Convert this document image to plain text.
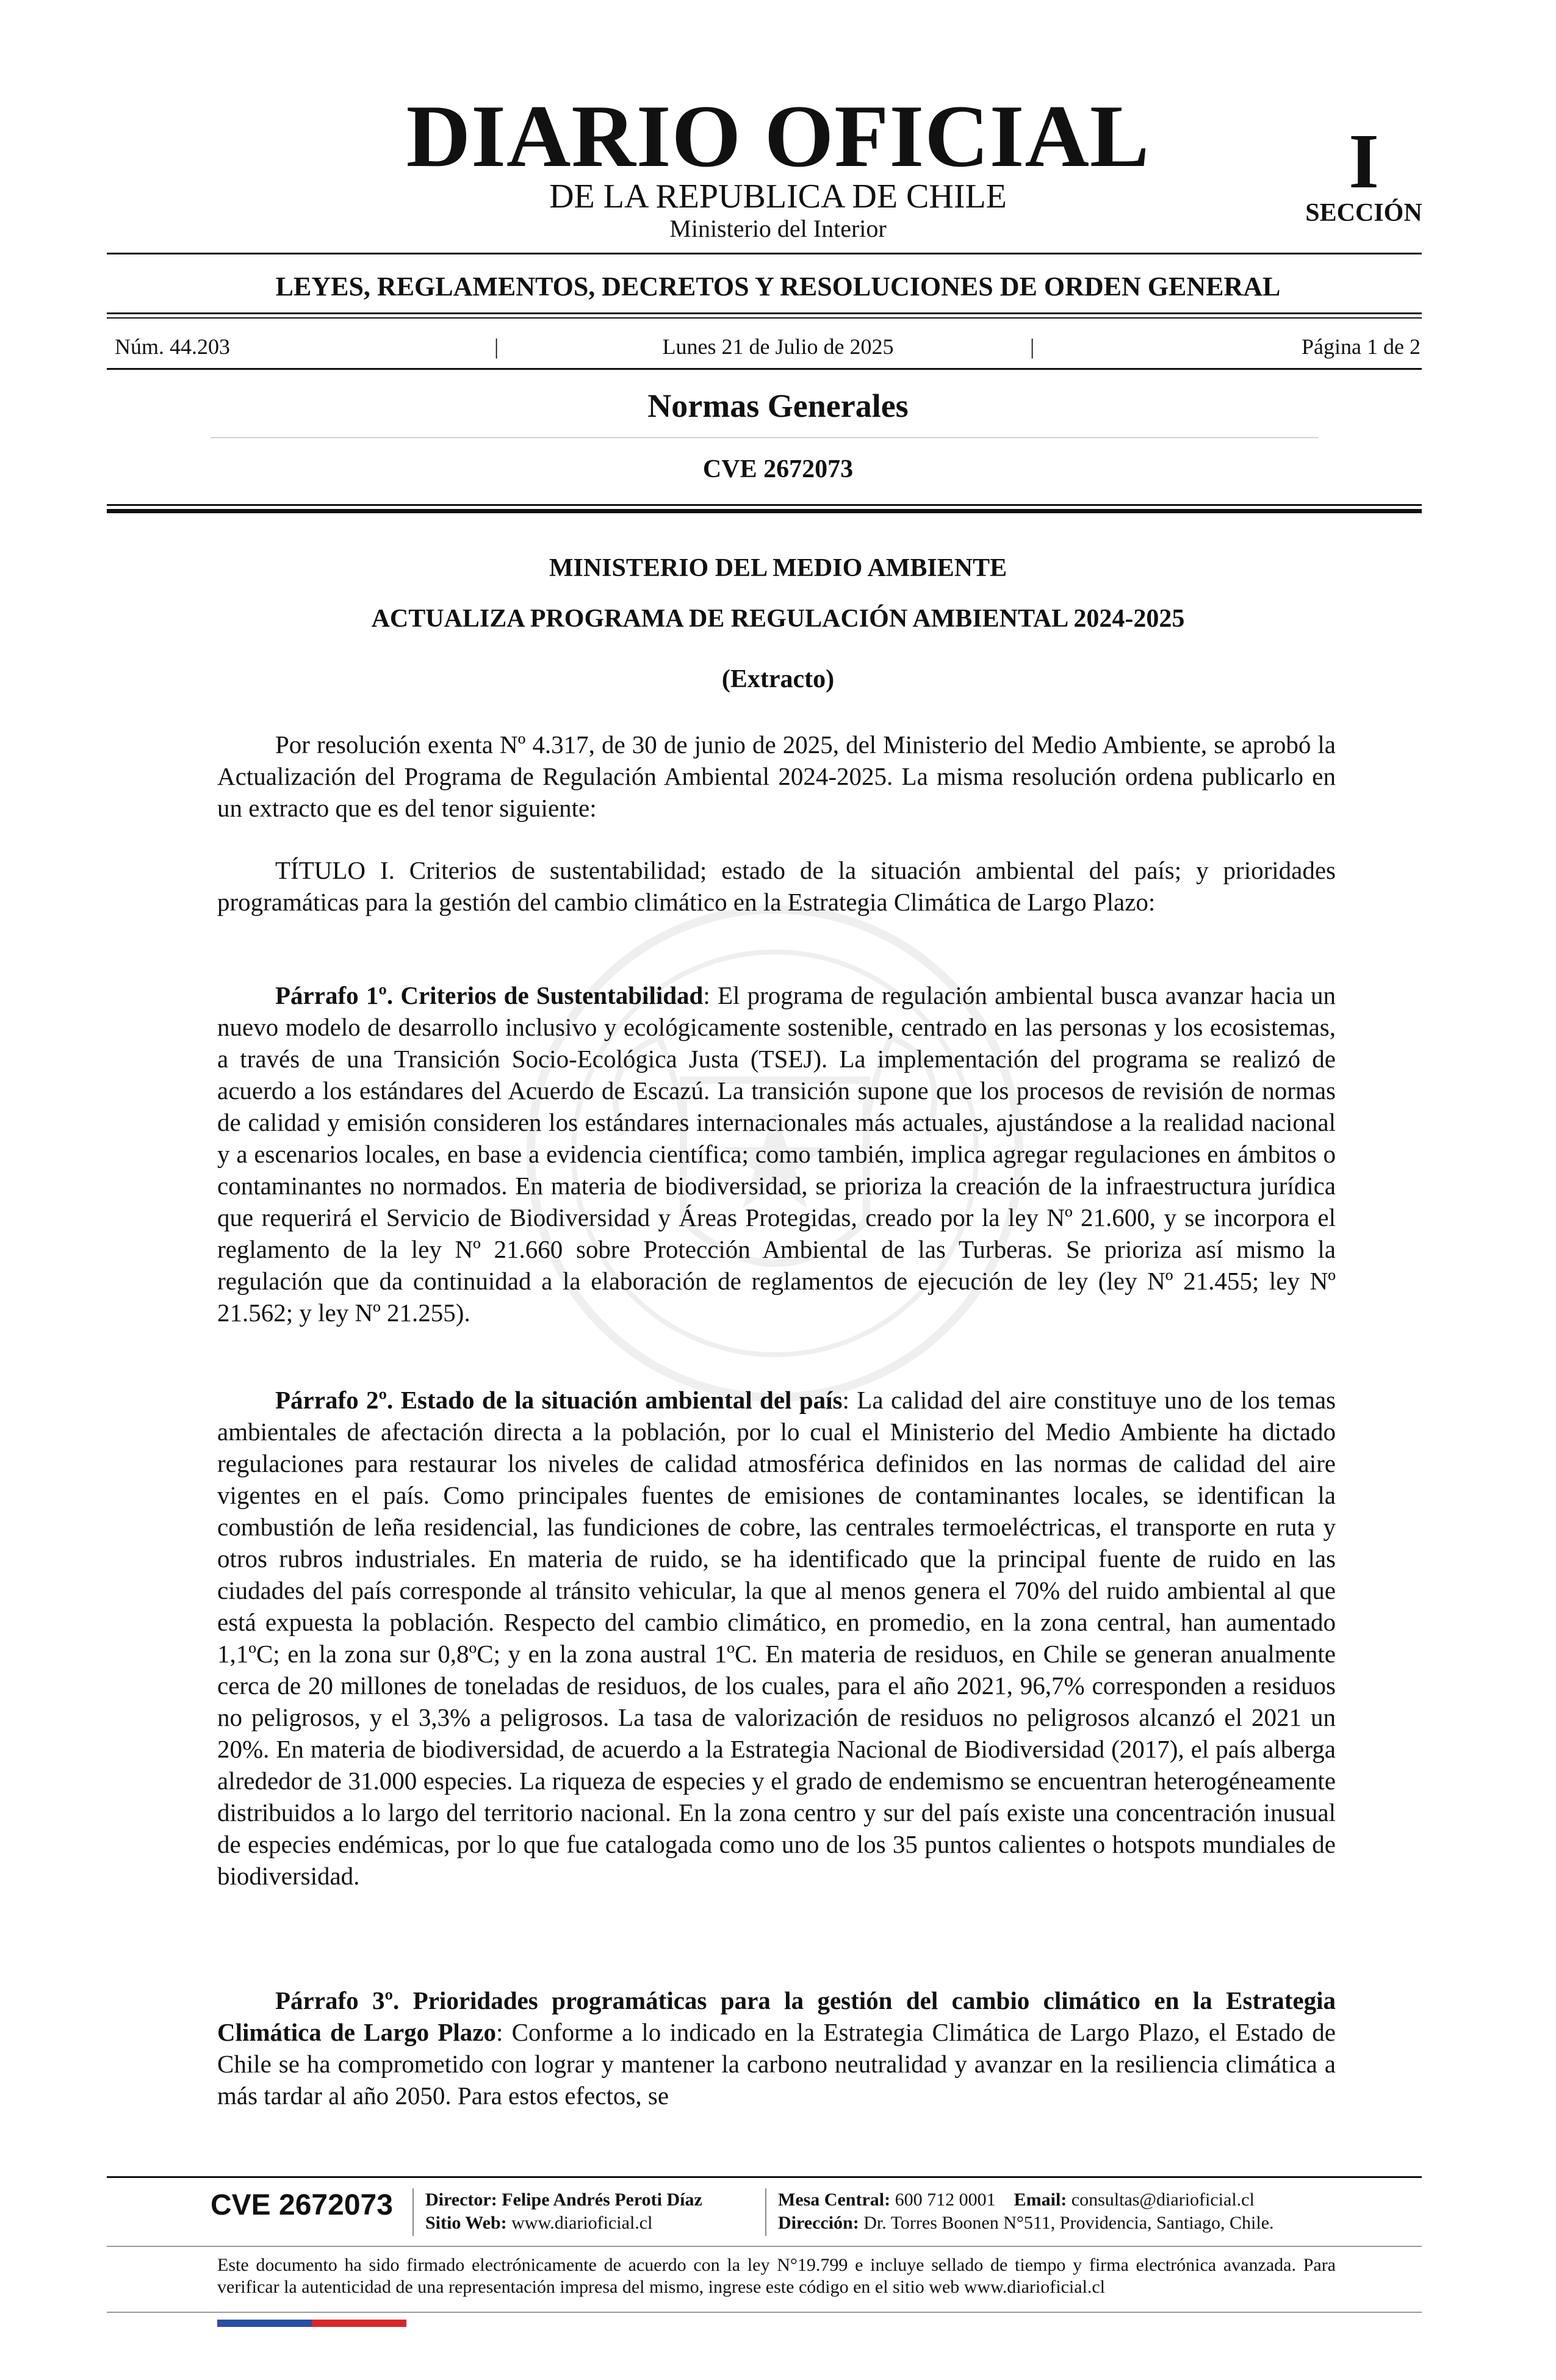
DIARIO OFICIAL
DE LA REPUBLICA DE CHILE
Ministerio del Interior
I
SECCIÓN
LEYES, REGLAMENTOS, DECRETOS Y RESOLUCIONES DE ORDEN GENERAL
Núm. 44.203	|	Lunes 21 de Julio de 2025	|	Página 1 de 2
Normas Generales
CVE 2672073
MINISTERIO DEL MEDIO AMBIENTE
ACTUALIZA PROGRAMA DE REGULACIÓN AMBIENTAL 2024-2025
(Extracto)

Por resolución exenta Nº 4.317, de 30 de junio de 2025, del Ministerio del Medio Ambiente, se aprobó la Actualización del Programa de Regulación Ambiental 2024-2025. La misma resolución ordena publicarlo en un extracto que es del tenor siguiente:

TÍTULO I. Criterios de sustentabilidad; estado de la situación ambiental del país; y prioridades programáticas para la gestión del cambio climático en la Estrategia Climática de Largo Plazo:

Párrafo 1º. Criterios de Sustentabilidad: El programa de regulación ambiental busca avanzar hacia un nuevo modelo de desarrollo inclusivo y ecológicamente sostenible, centrado en las personas y los ecosistemas, a través de una Transición Socio-Ecológica Justa (TSEJ). La implementación del programa se realizó de acuerdo a los estándares del Acuerdo de Escazú. La transición supone que los procesos de revisión de normas de calidad y emisión consideren los estándares internacionales más actuales, ajustándose a la realidad nacional y a escenarios locales, en base a evidencia científica; como también, implica agregar regulaciones en ámbitos o contaminantes no normados. En materia de biodiversidad, se prioriza la creación de la infraestructura jurídica que requerirá el Servicio de Biodiversidad y Áreas Protegidas, creado por la ley Nº 21.600, y se incorpora el reglamento de la ley Nº 21.660 sobre Protección Ambiental de las Turberas. Se prioriza así mismo la regulación que da continuidad a la elaboración de reglamentos de ejecución de ley (ley Nº 21.455; ley Nº 21.562; y ley Nº 21.255).

Párrafo 2º. Estado de la situación ambiental del país: La calidad del aire constituye uno de los temas ambientales de afectación directa a la población, por lo cual el Ministerio del Medio Ambiente ha dictado regulaciones para restaurar los niveles de calidad atmosférica definidos en las normas de calidad del aire vigentes en el país. Como principales fuentes de emisiones de contaminantes locales, se identifican la combustión de leña residencial, las fundiciones de cobre, las centrales termoeléctricas, el transporte en ruta y otros rubros industriales. En materia de ruido, se ha identificado que la principal fuente de ruido en las ciudades del país corresponde al tránsito vehicular, la que al menos genera el 70% del ruido ambiental al que está expuesta la población. Respecto del cambio climático, en promedio, en la zona central, han aumentado 1,1ºC; en la zona sur 0,8ºC; y en la zona austral 1ºC. En materia de residuos, en Chile se generan anualmente cerca de 20 millones de toneladas de residuos, de los cuales, para el año 2021, 96,7% corresponden a residuos no peligrosos, y el 3,3% a peligrosos. La tasa de valorización de residuos no peligrosos alcanzó el 2021 un 20%. En materia de biodiversidad, de acuerdo a la Estrategia Nacional de Biodiversidad (2017), el país alberga alrededor de 31.000 especies. La riqueza de especies y el grado de endemismo se encuentran heterogéneamente distribuidos a lo largo del territorio nacional. En la zona centro y sur del país existe una concentración inusual de especies endémicas, por lo que fue catalogada como uno de los 35 puntos calientes o hotspots mundiales de biodiversidad.

Párrafo 3º. Prioridades programáticas para la gestión del cambio climático en la Estrategia Climática de Largo Plazo: Conforme a lo indicado en la Estrategia Climática de Largo Plazo, el Estado de Chile se ha comprometido con lograr y mantener la carbono neutralidad y avanzar en la resiliencia climática a más tardar al año 2050. Para estos efectos, se

CVE 2672073 Director: Felipe Andrés Peroti Díaz
Sitio Web: www.diarioficial.cl
Mesa Central: 600 712 0001 Email: consultas@diarioficial.cl
Dirección: Dr. Torres Boonen N°511, Providencia, Santiago, Chile.
Este documento ha sido firmado electrónicamente de acuerdo con la ley N°19.799 e incluye sellado de tiempo y firma electrónica avanzada. Para verificar la autenticidad de una representación impresa del mismo, ingrese este código en el sitio web www.diarioficial.cl
